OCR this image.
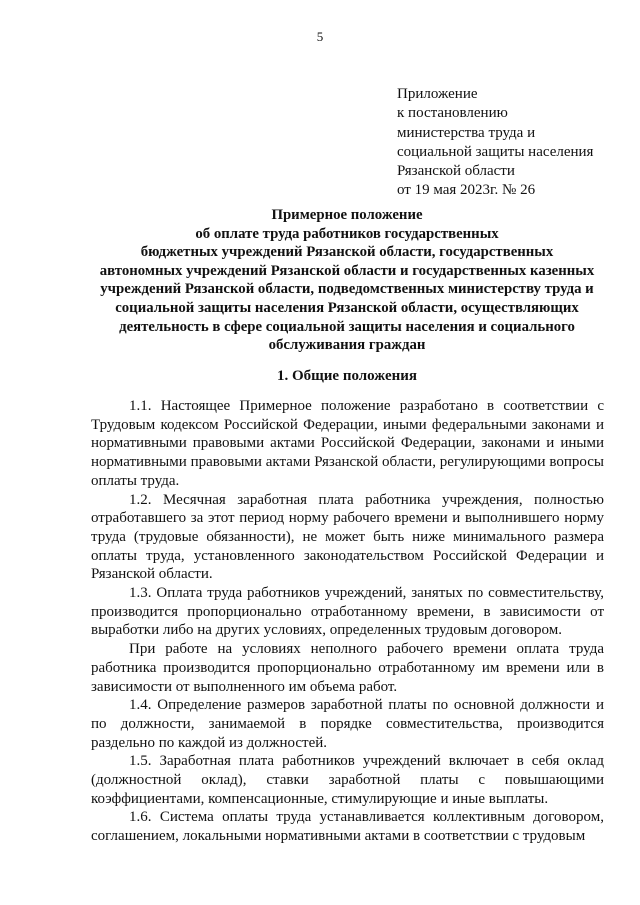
5
Приложение
к постановлению
министерства труда и
социальной защиты населения
Рязанской области
от 19 мая 2023г. № 26
Примерное положение
об оплате труда работников государственных
бюджетных учреждений Рязанской области, государственных
автономных учреждений Рязанской области и государственных казенных
учреждений Рязанской области, подведомственных министерству труда и
социальной защиты населения Рязанской области, осуществляющих
деятельность в сфере социальной защиты населения и социального
обслуживания граждан
1. Общие положения

1.1. Настоящее Примерное положение разработано в соответствии с Трудовым кодексом Российской Федерации, иными федеральными законами и нормативными правовыми актами Российской Федерации, законами и иными нормативными правовыми актами Рязанской области, регулирующими вопросы оплаты труда.

1.2. Месячная заработная плата работника учреждения, полностью отработавшего за этот период норму рабочего времени и выполнившего норму труда (трудовые обязанности), не может быть ниже минимального размера оплаты труда, установленного законодательством Российской Федерации и Рязанской области.

1.3. Оплата труда работников учреждений, занятых по совместительству, производится пропорционально отработанному времени, в зависимости от выработки либо на других условиях, определенных трудовым договором.

При работе на условиях неполного рабочего времени оплата труда работника производится пропорционально отработанному им времени или в зависимости от выполненного им объема работ.

1.4. Определение размеров заработной платы по основной должности и по должности, занимаемой в порядке совместительства, производится раздельно по каждой из должностей.

1.5. Заработная плата работников учреждений включает в себя оклад (должностной оклад), ставки заработной платы с повышающими коэффициентами, компенсационные, стимулирующие и иные выплаты.

1.6. Система оплаты труда устанавливается коллективным договором, соглашением, локальными нормативными актами в соответствии с трудовым
